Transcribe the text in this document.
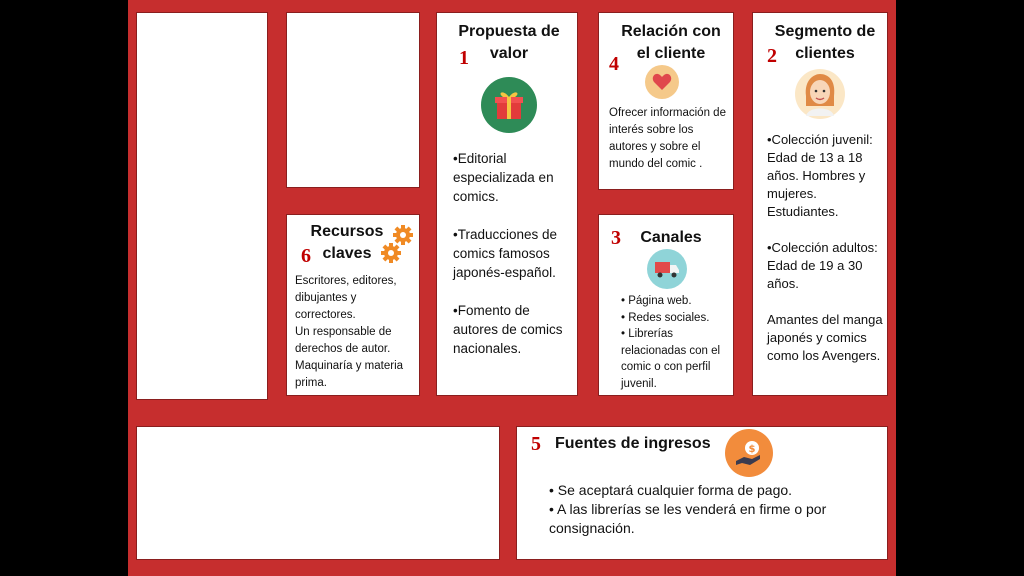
Recursos claves
6

Escritores, editores, dibujantes y correctores.

Un responsable de derechos de autor.

Maquinaría y materia prima.

Propuesta de valor
1

•Editorial especializada en comics.

•Traducciones de comics famosos japonés-español.

•Fomento de autores de comics nacionales.

Relación con el cliente
4
Ofrecer información de interés sobre los autores y sobre el mundo del comic .
Canales
3

• Página web.

• Redes sociales.

• Librerías relacionadas con el comic o con perfil juvenil.

Segmento de clientes
2

•Colección juvenil: Edad de 13 a 18 años. Hombres y mujeres. Estudiantes.

•Colección adultos: Edad de 19 a 30 años.

Amantes del manga japonés y comics como los Avengers.

5 Fuentes de ingresos	$

• Se aceptará cualquier forma de pago.

• A las librerías se les venderá en firme o por consignación.
